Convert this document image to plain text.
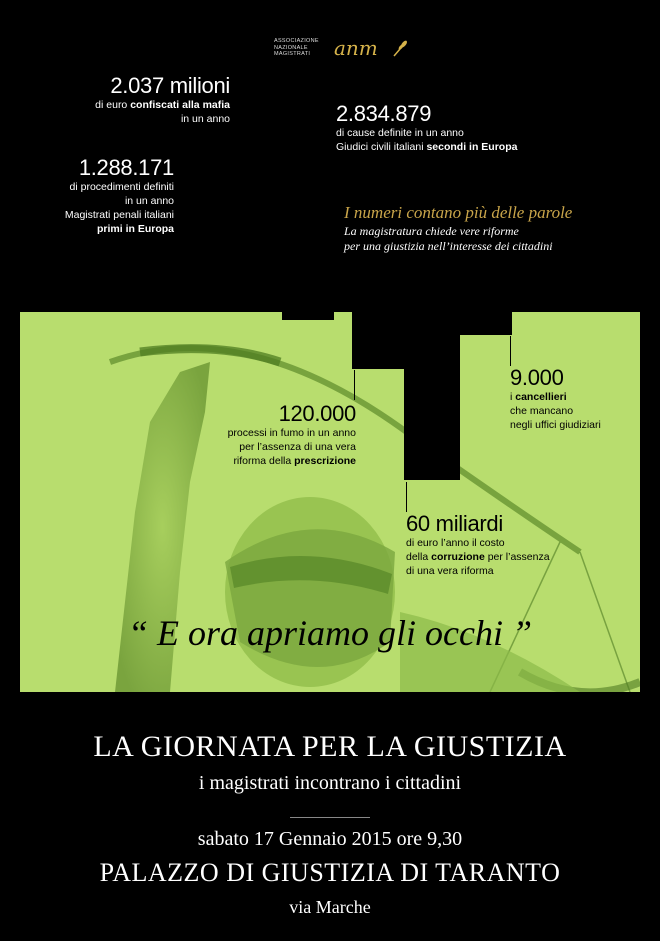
ASSOCIAZIONE
NAZIONALE
MAGISTRATI	anm
2.037 milioni
di euro confiscati alla mafia
in un anno
1.288.171
di procedimenti definiti
in un anno
Magistrati penali italiani
primi in Europa
2.834.879
di cause definite in un anno
Giudici civili italiani secondi in Europa
I numeri contano più delle parole
La magistratura chiede vere riforme
per una giustizia nell’interesse dei cittadini
120.000
processi in fumo in un anno
per l’assenza di una vera
riforma della prescrizione
9.000
i cancellieri
che mancano
negli uffici giudiziari
60 miliardi
di euro l’anno il costo
della corruzione per l’assenza
di una vera riforma
“ E ora apriamo gli occhi ”
LA GIORNATA PER LA GIUSTIZIA
i magistrati incontrano i cittadini
sabato 17 Gennaio 2015 ore 9,30
PALAZZO DI GIUSTIZIA DI TARANTO
via Marche
